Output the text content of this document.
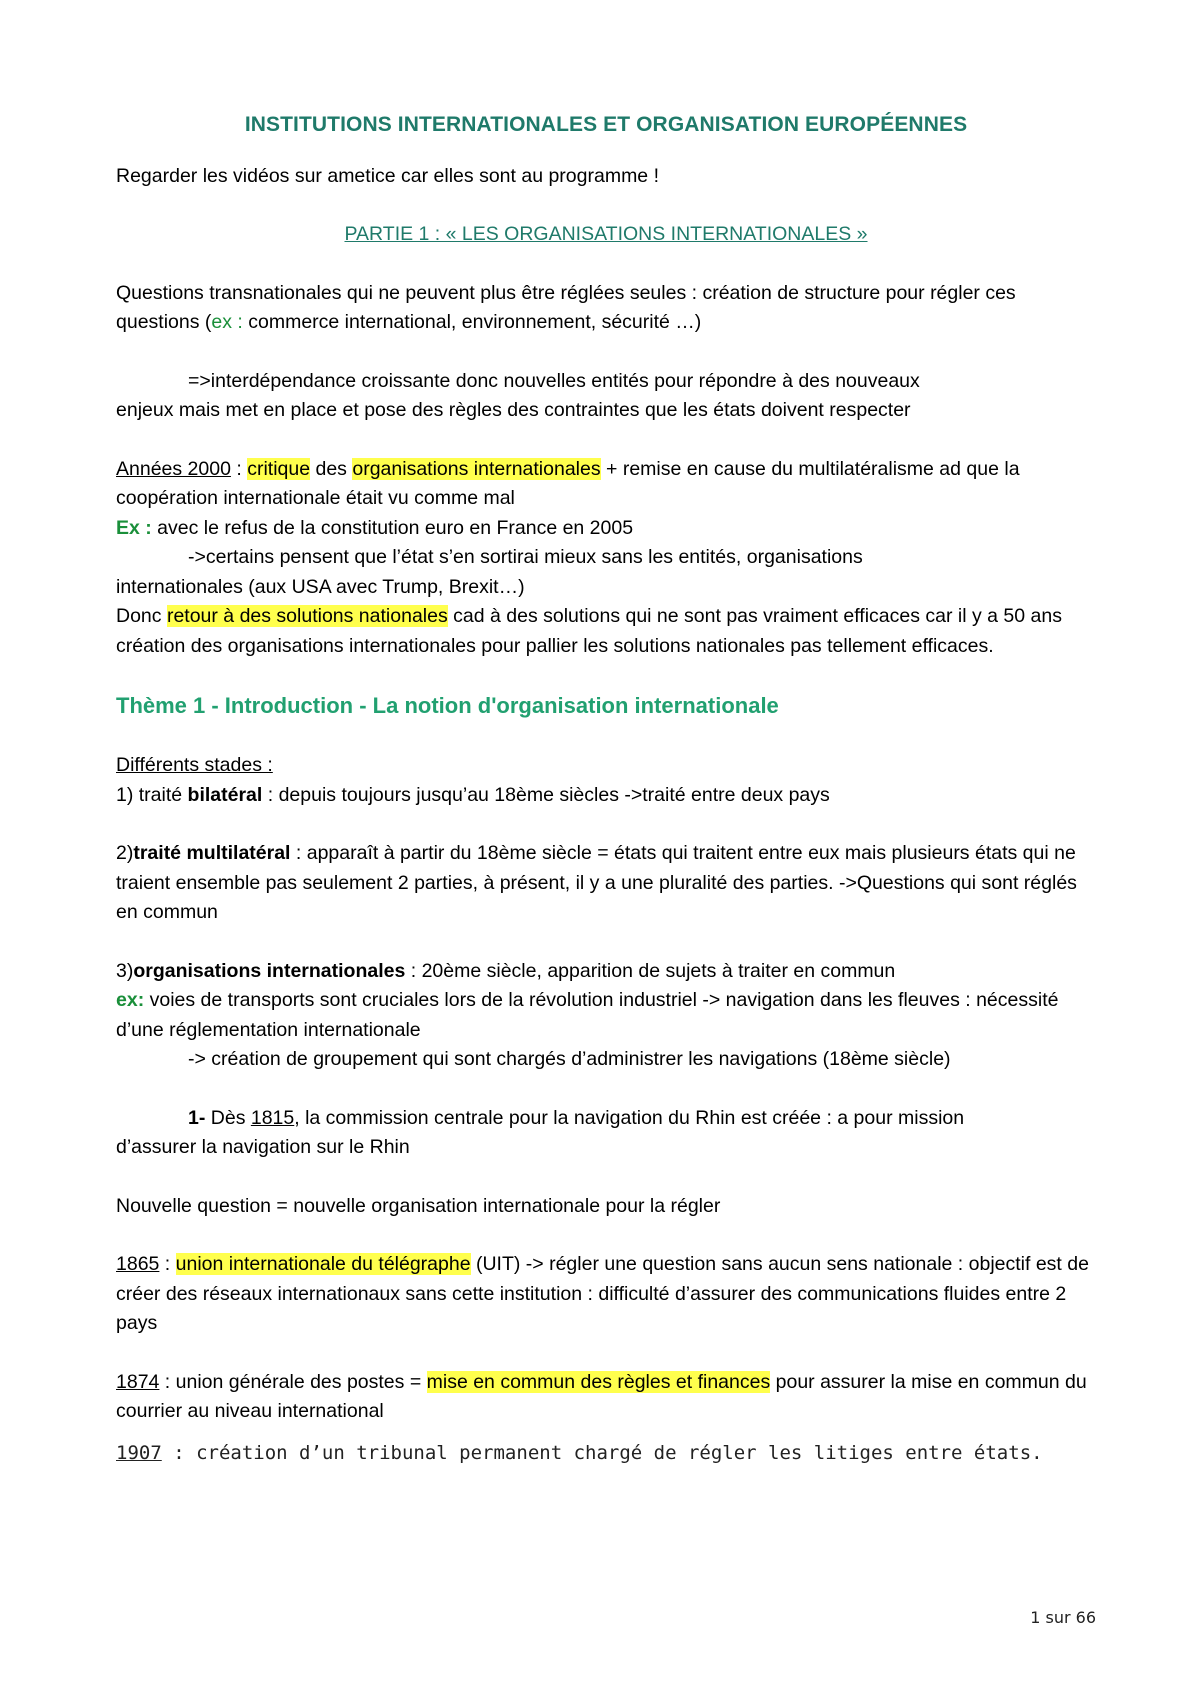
INSTITUTIONS INTERNATIONALES ET ORGANISATION EUROPÉENNES

Regarder les vidéos sur ametice car elles sont au programme !

PARTIE 1 : « LES ORGANISATIONS INTERNATIONALES »

Questions transnationales qui ne peuvent plus être réglées seules : création de structure pour régler ces questions (ex : commerce international, environnement, sécurité …)

=>interdépendance croissante donc nouvelles entités pour répondre à des nouveaux

enjeux mais met en place et pose des règles des contraintes que les états doivent respecter

Années 2000 : critique des organisations internationales + remise en cause du multilatéralisme ad que la coopération internationale était vu comme mal

Ex : avec le refus de la constitution euro en France en 2005

->certains pensent que l’état s’en sortirai mieux sans les entités, organisations

internationales (aux USA avec Trump, Brexit…)

Donc retour à des solutions nationales cad à des solutions qui ne sont pas vraiment efficaces car il y a 50 ans création des organisations internationales pour pallier les solutions nationales pas tellement efficaces.

Thème 1 - Introduction - La notion d'organisation internationale

Différents stades :

1) traité bilatéral : depuis toujours jusqu’au 18ème siècles ->traité entre deux pays

2)traité multilatéral : apparaît à partir du 18ème siècle = états qui traitent entre eux mais plusieurs états qui ne traient ensemble pas seulement 2 parties, à présent, il y a une pluralité des parties. ->Questions qui sont réglés en commun

3)organisations internationales : 20ème siècle, apparition de sujets à traiter en commun

ex: voies de transports sont cruciales lors de la révolution industriel -> navigation dans les fleuves : nécessité d’une réglementation internationale

-> création de groupement qui sont chargés d’administrer les navigations (18ème siècle)

1- Dès 1815, la commission centrale pour la navigation du Rhin est créée : a pour mission

d’assurer la navigation sur le Rhin

Nouvelle question = nouvelle organisation internationale pour la régler

1865 : union internationale du télégraphe (UIT) -> régler une question sans aucun sens nationale : objectif est de créer des réseaux internationaux sans cette institution : difficulté d’assurer des communications fluides entre 2 pays

1874 : union générale des postes = mise en commun des règles et finances pour assurer la mise en commun du courrier au niveau international

1907 : création d’un tribunal permanent chargé de régler les litiges entre états.

1 sur 66
